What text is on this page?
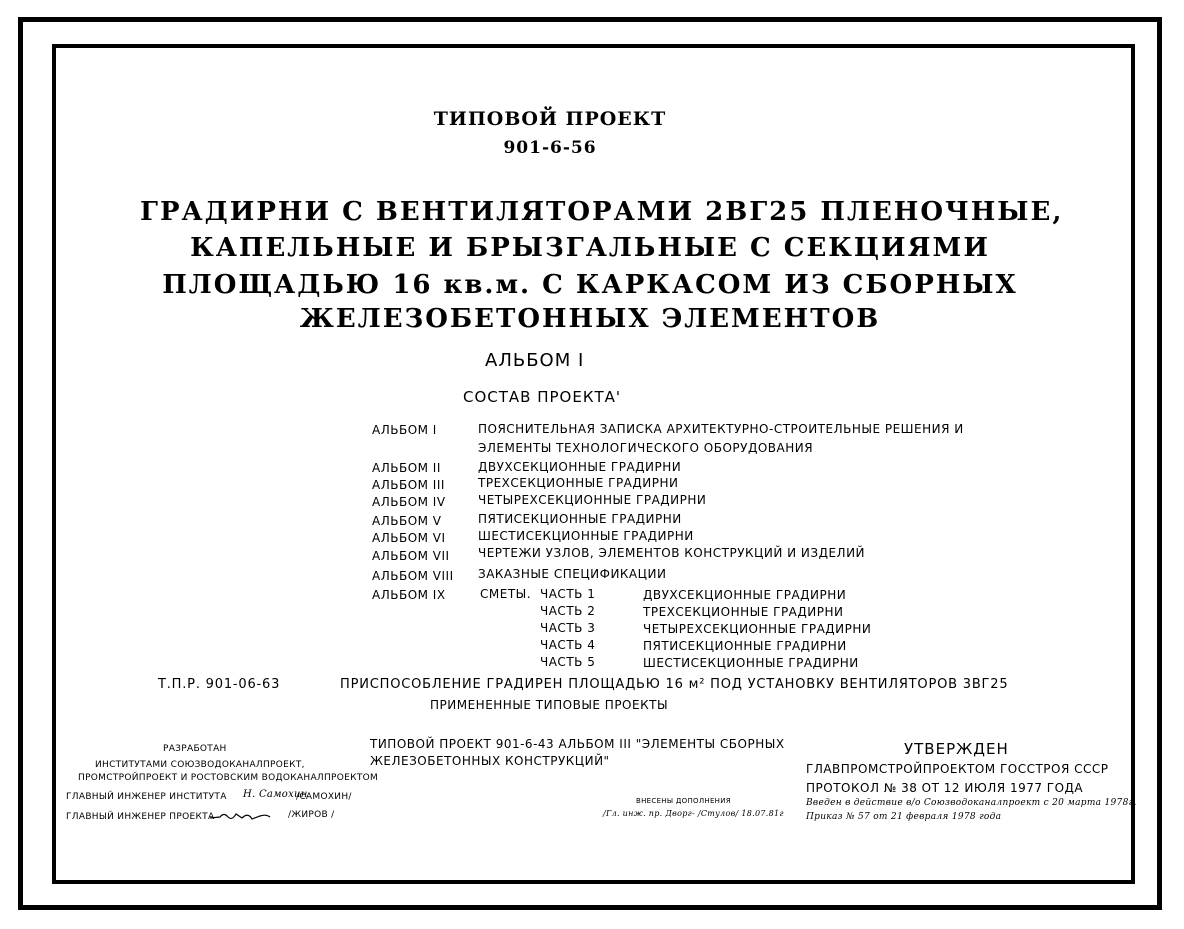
ТИПОВОЙ ПРОЕКТ
901-6-56
ГРАДИРНИ С ВЕНТИЛЯТОРАМИ 2ВГ25 ПЛЕНОЧНЫЕ,
КАПЕЛЬНЫЕ И БРЫЗГАЛЬНЫЕ С СЕКЦИЯМИ
ПЛОЩАДЬЮ 16 кв.м. С КАРКАСОМ ИЗ СБОРНЫХ
ЖЕЛЕЗОБЕТОННЫХ ЭЛЕМЕНТОВ
АЛЬБОМ I
СОСТАВ ПРОЕКТА'
АЛЬБОМ I	ПОЯСНИТЕЛЬНАЯ ЗАПИСКА АРХИТЕКТУРНО-СТРОИТЕЛЬНЫЕ РЕШЕНИЯ И
ЭЛЕМЕНТЫ ТЕХНОЛОГИЧЕСКОГО ОБОРУДОВАНИЯ
АЛЬБОМ II	ДВУХСЕКЦИОННЫЕ ГРАДИРНИ
АЛЬБОМ III	ТРЕХСЕКЦИОННЫЕ ГРАДИРНИ
АЛЬБОМ IV	ЧЕТЫРЕХСЕКЦИОННЫЕ ГРАДИРНИ
АЛЬБОМ V	ПЯТИСЕКЦИОННЫЕ ГРАДИРНИ
АЛЬБОМ VI	ШЕСТИСЕКЦИОННЫЕ ГРАДИРНИ
АЛЬБОМ VII ЧЕРТЕЖИ УЗЛОВ, ЭЛЕМЕНТОВ КОНСТРУКЦИЙ И ИЗДЕЛИЙ
АЛЬБОМ VIII ЗАКАЗНЫЕ СПЕЦИФИКАЦИИ
АЛЬБОМ IX	СМЕТЫ. ЧАСТЬ 1	ДВУХСЕКЦИОННЫЕ ГРАДИРНИ
ЧАСТЬ 2	ТРЕХСЕКЦИОННЫЕ ГРАДИРНИ
ЧАСТЬ 3	ЧЕТЫРЕХСЕКЦИОННЫЕ ГРАДИРНИ
ЧАСТЬ 4	ПЯТИСЕКЦИОННЫЕ ГРАДИРНИ
ЧАСТЬ 5	ШЕСТИСЕКЦИОННЫЕ ГРАДИРНИ
Т.П.Р. 901-06-63	ПРИСПОСОБЛЕНИЕ ГРАДИРЕН ПЛОЩАДЬЮ 16 м² ПОД УСТАНОВКУ ВЕНТИЛЯТОРОВ 3ВГ25
ПРИМЕНЕННЫЕ ТИПОВЫЕ ПРОЕКТЫ
ТИПОВОЙ ПРОЕКТ 901-6-43 АЛЬБОМ III "ЭЛЕМЕНТЫ СБОРНЫХ
ЖЕЛЕЗОБЕТОННЫХ КОНСТРУКЦИЙ"
РАЗРАБОТАН
ИНСТИТУТАМИ СОЮЗВОДОКАНАЛПРОЕКТ,
ПРОМСТРОЙПРОЕКТ И РОСТОВСКИМ ВОДОКАНАЛПРОЕКТОМ
ГЛАВНЫЙ ИНЖЕНЕР ИНСТИТУТА Н. Самохин
/САМОХИН/
ГЛАВНЫЙ ИНЖЕНЕР ПРОЕКТА	/ЖИРОВ /
ВНЕСЕНЫ ДОПОЛНЕНИЯ
/Гл. инж. пр. Дворг- /Стулов/ 18.07.81г
УТВЕРЖДЕН
ГЛАВПРОМСТРОЙПРОЕКТОМ ГОССТРОЯ СССР
ПРОТОКОЛ № 38 ОТ 12 ИЮЛЯ 1977 ГОДА
Введен в действие в/о Союзводоканалпроект с 20 марта 1978г.
Приказ № 57 от 21 февраля 1978 года
